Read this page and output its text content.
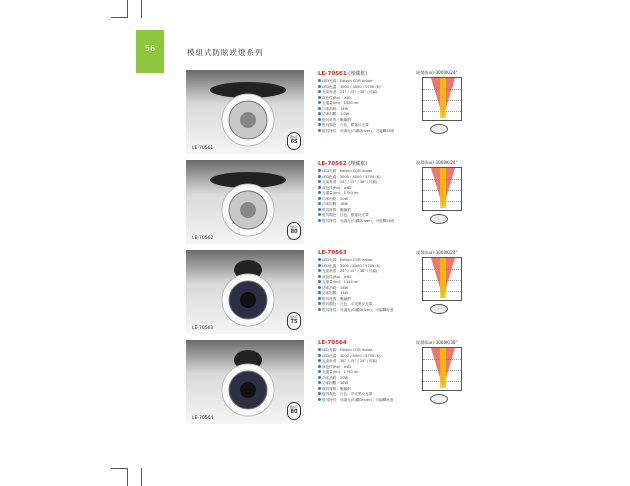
56	模組式防眩崁燈系列
LE-70561
開孔
65
LE-70561 (埋藏框)
LED光源：Edison COB inside
LED色溫：3000 / 4000 / 5700 (K)
光束角度：24° / 15° / 38° (可調)
演色性(Ra)：≥82
光通量(lm)：1020 lm
功率消耗：14W
功率因數：1.0W
燈具材質：壓鑄鋁
燈具顏色：白色、銀邊反光罩
燈具特性：可調光(內藏Driver)，可旋轉18度
崁燈(lux)-3000K/24°
LE-70562
開孔
80
LE-70562 (埋藏框)
LED光源：Edison COB inside
LED色溫：3000 / 4000 / 5700 (K)
光束角度：24° / 15° / 38° (可調)
演色性(Ra)：≥82
光通量(lm)：1750 lm
功率消耗：20W
功率因數：18W
燈具材質：壓鑄鋁
燈具顏色：白色、銀邊反光罩
燈具特性：可調光(內藏Driver)，可旋轉18度
崁燈(lux)-3000K/24°
LE-70563
開孔
75
LE-70563
LED光源：Edison COB inside
LED色溫：3000 / 4000 / 5700 (K)
光束角度：24° / 15° / 38° (可調)
演色性(Ra)：≥82
光通量(lm)：1344 lm
功率消耗：15W
功率因數：13W
燈具材質：壓鑄鋁
燈具顏色：白色、平光黑反光罩
燈具特性：可調光(內藏Driver)，可偏轉角度
崁燈(lux)-3000K/24°
LE-70564
開孔
80
LE-70564
LED光源：Edison COB inside
LED色溫：3000 / 4000 / 5700 (K)
光束角度：38° / 15° / 24° (可調)
演色性(Ra)：≥82
光通量(lm)：1750 lm
功率消耗：20W
功率因數：18W
燈具材質：壓鑄鋁
燈具顏色：白色、平光黑反光罩
燈具特性：可調光(內藏Driver)，可偏轉角度
崁燈(lux)-3000K/38°
